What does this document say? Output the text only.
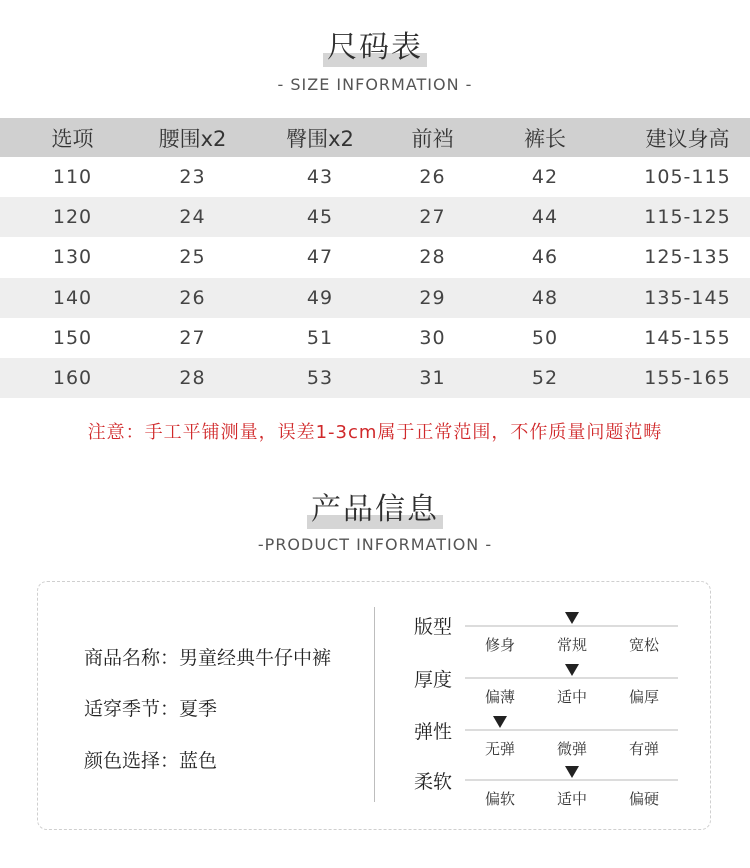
尺码表
- SIZE INFORMATION -
选项	腰围x2	臀围x2	前裆	裤长	建议身高
110	23	43	26	42	105-115
120	24	45	27	44	115-125
130	25	47	28	46	125-135
140	26	49	29	48	135-145
150	27	51	30	50	145-155
160	28	53	31	52	155-165
注意：手工平铺测量，误差1-3cm属于正常范围，不作质量问题范畴
产品信息
-PRODUCT INFORMATION -
商品名称：男童经典牛仔中裤
适穿季节：夏季
颜色选择：蓝色
版型
修身	常规	宽松
厚度
偏薄	适中	偏厚
弹性
无弹	微弹	有弹
柔软
偏软	适中	偏硬
